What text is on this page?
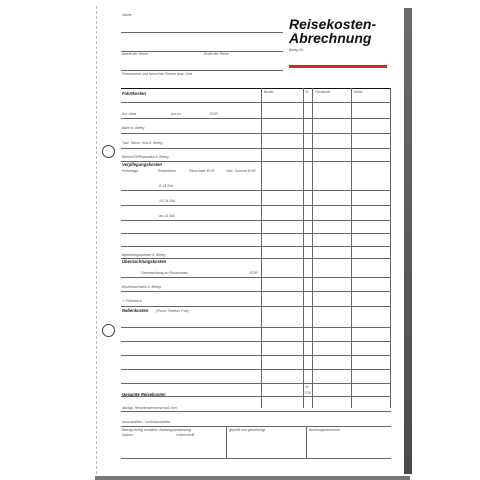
Reisekosten-
Abrechnung
Beleg-Nr.
Name
Antritt der Reise	Ende der Reise
Reisezweck und besuchte Firmen bzw. Orte
Brutto	% Vorsteuer	Netto
Fahrtkosten
Km-Geld	km zu	EUR
Bahn lt. Beleg
Taxi, Tamm, Bus lt. Beleg
Benzin/Öl/Reparatur lt. Beleg
Verpflegungskosten
Reisetage	Reisedauer	Pauschale EUR	Ges. Summe EUR
8-14 Std.
14-24 Std.
ab 24 Std.
Bewirtungsspesen lt. Beleg
Übernachtungskosten
Übernachtung zu Pauschsatz	EUR
Einzelnachweis lt. Beleg
./. Frühstück
Nebenkosten (Porto, Telefon, Fax)
%
7/19
Gesamte Reisekosten
abzügl. Reisekostenvorschuß vom
auszuzahlen / zurückzuzahlen
Betrag richtig erhalten/ Zahlungsanweisung
Datum	Unterschrift
geprüft und genehmigt	Buchungsvermerke
